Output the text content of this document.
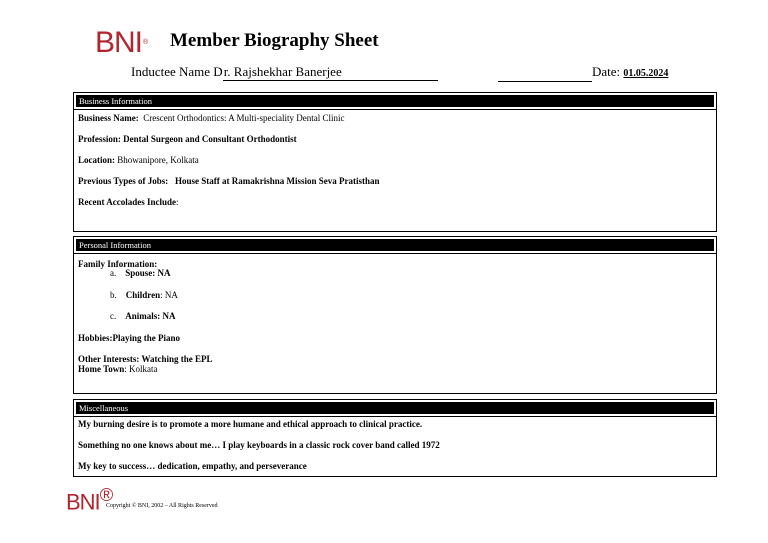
BNI® Member Biography Sheet
Inductee Name Dr. Rajshekhar Banerjee	Date: 01.05.2024
Business Information
Business Name: Crescent Orthodontics: A Multi-speciality Dental Clinic
Profession: Dental Surgeon and Consultant Orthodontist
Location: Bhowanipore, Kolkata
Previous Types of Jobs: House Staff at Ramakrishna Mission Seva Pratisthan
Recent Accolades Include:
Personal Information
Family Information:
a. Spouse: NA
b. Children: NA
c. Animals: NA
Hobbies:Playing the Piano
Other Interests: Watching the EPL
Home Town: Kolkata
Miscellaneous
My burning desire is to promote a more humane and ethical approach to clinical practice.
Something no one knows about me… I play keyboards in a classic rock cover band called 1972
My key to success… dedication, empathy, and perseverance
BNI®
Copyright © BNI, 2002 – All Rights Reserved
